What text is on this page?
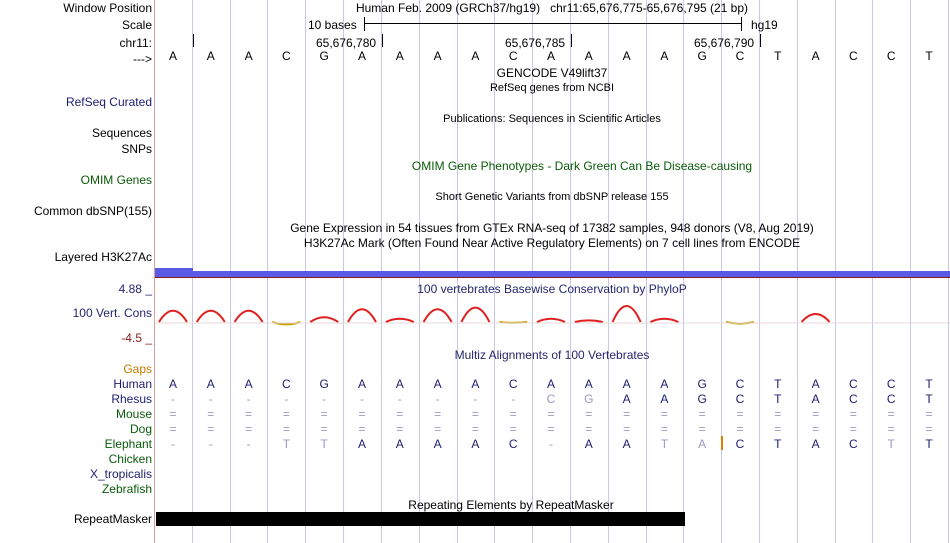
Window Position
Scale
chr11:
--->
RefSeq Curated
Sequences
SNPs
OMIM Genes
Common dbSNP(155)
Layered H3K27Ac
4.88 _
100 Vert. Cons
-4.5 _
Gaps
Human
Rhesus
Mouse
Dog
Elephant
Chicken
X_tropicalis
Zebrafish
RepeatMasker
Human Feb. 2009 (GRCh37/hg19) chr11:65,676,775-65,676,795 (21 bp)
10 bases	hg19
65,676,780	65,676,785	65,676,790
A	A	A	C	G	A	A	A	A	C	A	A	A	A	G	C	T	A	C	C	T
GENCODE V49lift37
RefSeq genes from NCBI
Publications: Sequences in Scientific Articles
OMIM Gene Phenotypes - Dark Green Can Be Disease-causing
Short Genetic Variants from dbSNP release 155
Gene Expression in 54 tissues from GTEx RNA-seq of 17382 samples, 948 donors (V8, Aug 2019)
H3K27Ac Mark (Often Found Near Active Regulatory Elements) on 7 cell lines from ENCODE
100 vertebrates Basewise Conservation by PhyloP
Multiz Alignments of 100 Vertebrates
A	A	A	C	G	A	A	A	A	C	A	A	A	A	G	C	T	A	C	C	T
-	-	-	-	-	-	-	-	-	-	C	G	A	A	G	C	T	A	C	C	T
=	=	=	=	=	=	=	=	=	=	=	=	=	=	=	=	=	=	=	=	=
=	=	=	=	=	=	=	=	=	=	=	=	=	=	=	=	=	=	=	=	=
-	-	-	T	T	A	A	A	A	C	-	A	A	T	A	C	T	A	C	T	T
Repeating Elements by RepeatMasker
